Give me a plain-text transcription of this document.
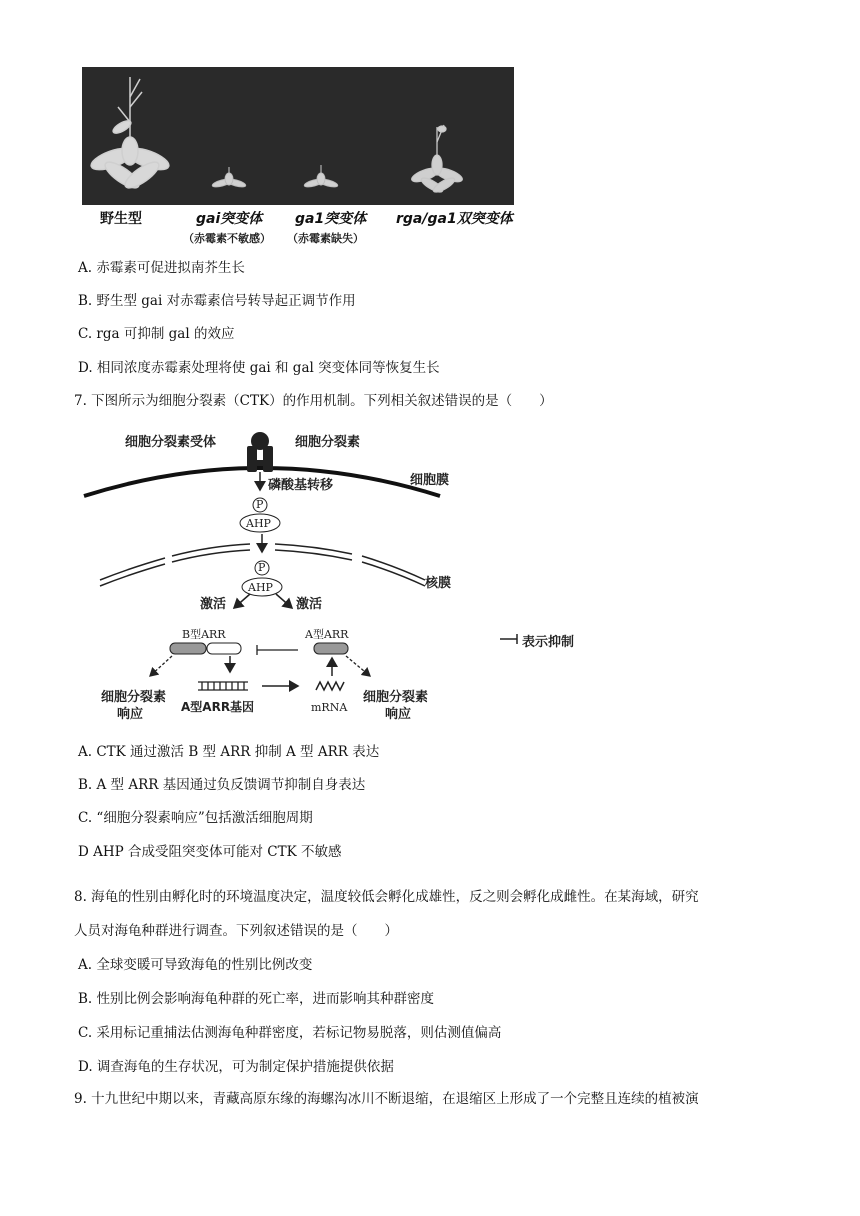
野生型	gai突变体 ga1突变体 rga/ga1双突变体
（赤霉素不敏感） （赤霉素缺失）
A. 赤霉素可促进拟南芥生长
B. 野生型 gai 对赤霉素信号转导起正调节作用
C. rga 可抑制 gal 的效应
D. 相同浓度赤霉素处理将使 gai 和 gal 突变体同等恢复生长
7. 下图所示为细胞分裂素（CTK）的作用机制。下列相关叙述错误的是（　　）
细胞分裂素受体	细胞分裂素
细胞膜
磷酸基转移
P
AHP
P
AHP	核膜
激活	激活
B型ARR	A型ARR
表示抑制
细胞分裂素
响应	A型ARR基因	mRNA
细胞分裂素
响应
A. CTK 通过激活 B 型 ARR 抑制 A 型 ARR 表达
B. A 型 ARR 基因通过负反馈调节抑制自身表达
C. “细胞分裂素响应”包括激活细胞周期
D AHP 合成受阻突变体可能对 CTK 不敏感
8. 海龟的性别由孵化时的环境温度决定，温度较低会孵化成雄性，反之则会孵化成雌性。在某海域，研究
人员对海龟种群进行调查。下列叙述错误的是（　　）
A. 全球变暖可导致海龟的性别比例改变
B. 性别比例会影响海龟种群的死亡率，进而影响其种群密度
C. 采用标记重捕法估测海龟种群密度，若标记物易脱落，则估测值偏高
D. 调查海龟的生存状况，可为制定保护措施提供依据
9. 十九世纪中期以来，青藏高原东缘的海螺沟冰川不断退缩，在退缩区上形成了一个完整且连续的植被演
